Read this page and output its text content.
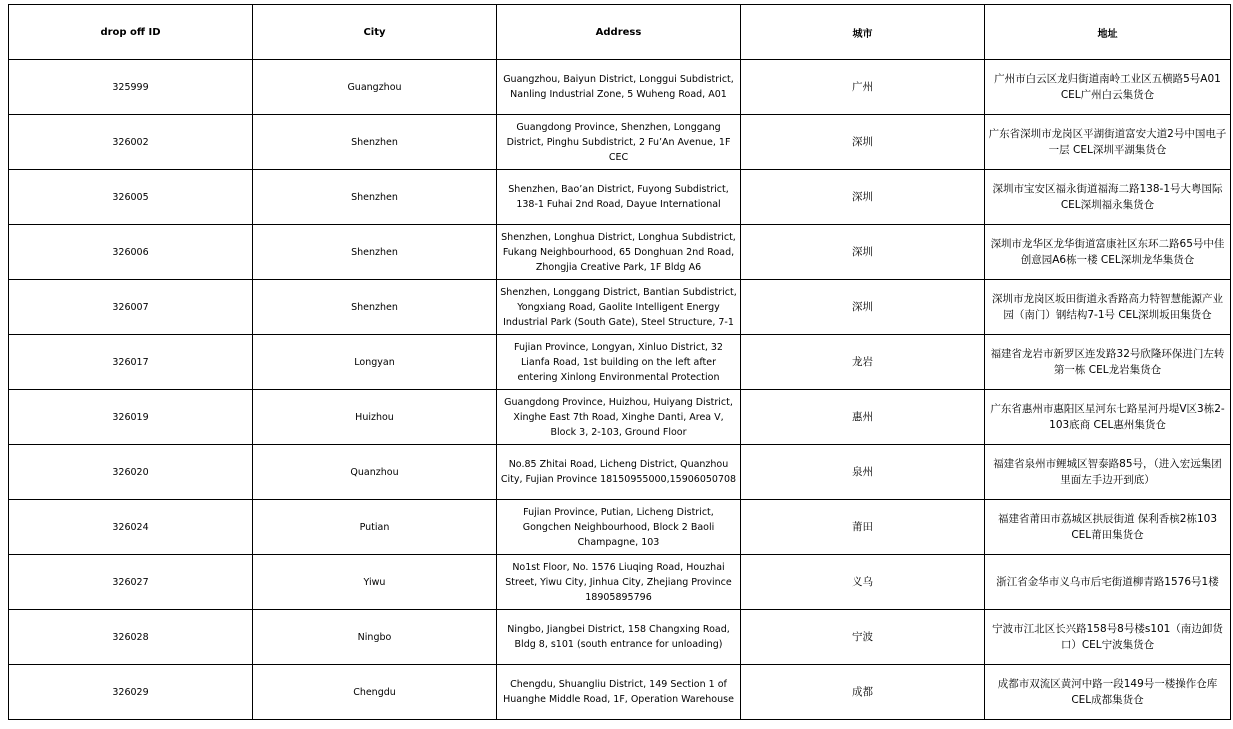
drop off ID	City	Address	城市	地址
325999	Guangzhou	Guangzhou, Baiyun District, Longgui Subdistrict, Nanling Industrial Zone, 5 Wuheng Road, A01	广州	广州市白云区龙归街道南岭工业区五横路5号A01 CEL广州白云集货仓
326002	Shenzhen	Guangdong Province, Shenzhen, Longgang District, Pinghu Subdistrict, 2 Fu’An Avenue, 1F CEC	深圳	广东省深圳市龙岗区平湖街道富安大道2号中国电子一层 CEL深圳平湖集货仓
326005	Shenzhen	Shenzhen, Bao’an District, Fuyong Subdistrict, 138-1 Fuhai 2nd Road, Dayue International	深圳	深圳市宝安区福永街道福海二路138-1号大粤国际 CEL深圳福永集货仓
326006	Shenzhen	Shenzhen, Longhua District, Longhua Subdistrict, Fukang Neighbourhood, 65 Donghuan 2nd Road, Zhongjia Creative Park, 1F Bldg A6	深圳	深圳市龙华区龙华街道富康社区东环二路65号中佳创意园A6栋一楼 CEL深圳龙华集货仓
326007	Shenzhen	Shenzhen, Longgang District, Bantian Subdistrict, Yongxiang Road, Gaolite Intelligent Energy Industrial Park (South Gate), Steel Structure, 7-1	深圳	深圳市龙岗区坂田街道永香路高力特智慧能源产业园（南门）钢结构7-1号 CEL深圳坂田集货仓
326017	Longyan	Fujian Province, Longyan, Xinluo District, 32 Lianfa Road, 1st building on the left after entering Xinlong Environmental Protection	龙岩	福建省龙岩市新罗区连发路32号欣隆环保进门左转第一栋 CEL龙岩集货仓
326019	Huizhou	Guangdong Province, Huizhou, Huiyang District, Xinghe East 7th Road, Xinghe Danti, Area V, Block 3, 2-103, Ground Floor	惠州	广东省惠州市惠阳区星河东七路星河丹堤V区3栋2-103底商 CEL惠州集货仓
326020	Quanzhou	No.85 Zhitai Road, Licheng District, Quanzhou City, Fujian Province 18150955000,15906050708	泉州	福建省泉州市鲤城区智泰路85号，（进入宏远集团里面左手边开到底）
326024	Putian	Fujian Province, Putian, Licheng District, Gongchen Neighbourhood, Block 2 Baoli Champagne, 103	莆田	福建省莆田市荔城区拱辰街道 保利香槟2栋103 CEL莆田集货仓
326027	Yiwu	No1st Floor, No. 1576 Liuqing Road, Houzhai Street, Yiwu City, Jinhua City, Zhejiang Province 18905895796	义乌	浙江省金华市义乌市后宅街道柳青路1576号1楼
326028	Ningbo	Ningbo, Jiangbei District, 158 Changxing Road, Bldg 8, s101 (south entrance for unloading)	宁波	宁波市江北区长兴路158号8号楼s101（南边卸货口）CEL宁波集货仓
326029	Chengdu	Chengdu, Shuangliu District, 149 Section 1 of Huanghe Middle Road, 1F, Operation Warehouse	成都	成都市双流区黄河中路一段149号一楼操作仓库 CEL成都集货仓
